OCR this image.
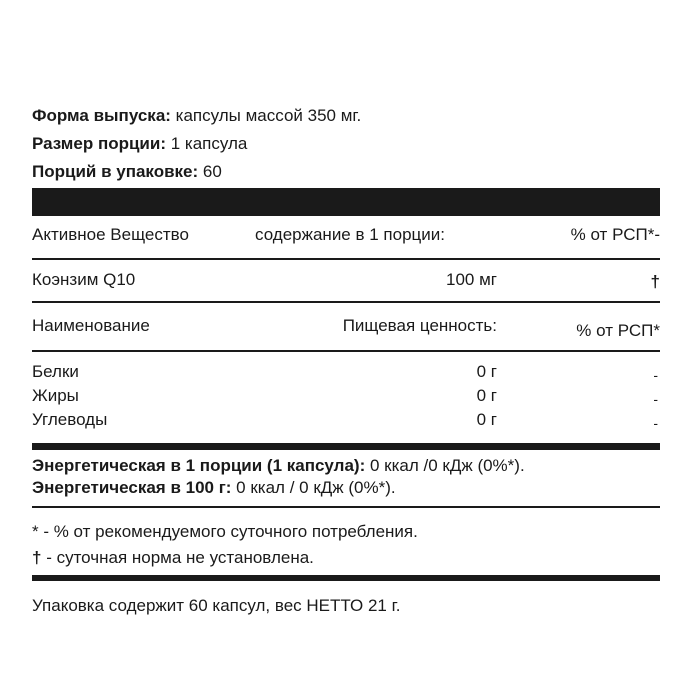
Форма выпуска: капсулы массой 350 мг.
Размер порции: 1 капсула
Порций в упаковке: 60
Активное Вещество	содержание в 1 порции:	% от РСП*-
Коэнзим Q10	100 мг	†
Наименование	Пищевая ценность:	% от РСП*
Белки	0 г	-
Жиры	0 г	-
Углеводы	0 г	-
Энергетическая в 1 порции (1 капсула): 0 ккал /0 кДж (0%*).
Энергетическая в 100 г: 0 ккал / 0 кДж (0%*).
* - % от рекомендуемого суточного потребления.
† - суточная норма не установлена.
Упаковка содержит 60 капсул, вес НЕТТО 21 г.
